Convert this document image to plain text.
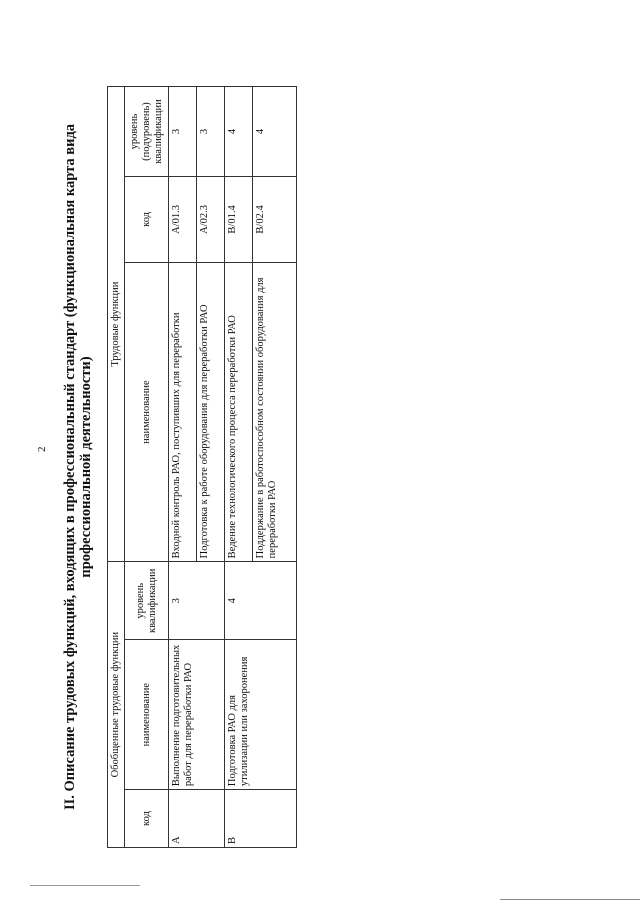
2 II. Описание трудовых функций, входящих в профессиональный стандарт (функциональная карта вида профессиональной деятельности)
Обобщенные трудовые функции			Трудовые функции		
код	наименование	уровень квалификации	наименование	код	уровень (подуровень) квалификации
A	Выполнение подготовительных работ для переработки РАО	3	Входной контроль РАО, поступивших для переработки	A/01.3	3
			Подготовка к работе оборудования для переработки РАО	A/02.3	3
B	Подготовка РАО для утилизации или захоронения	4	Ведение технологического процесса переработки РАО	B/01.4	4
			Поддержание в работоспособном состоянии оборудования для переработки РАО	B/02.4	4
